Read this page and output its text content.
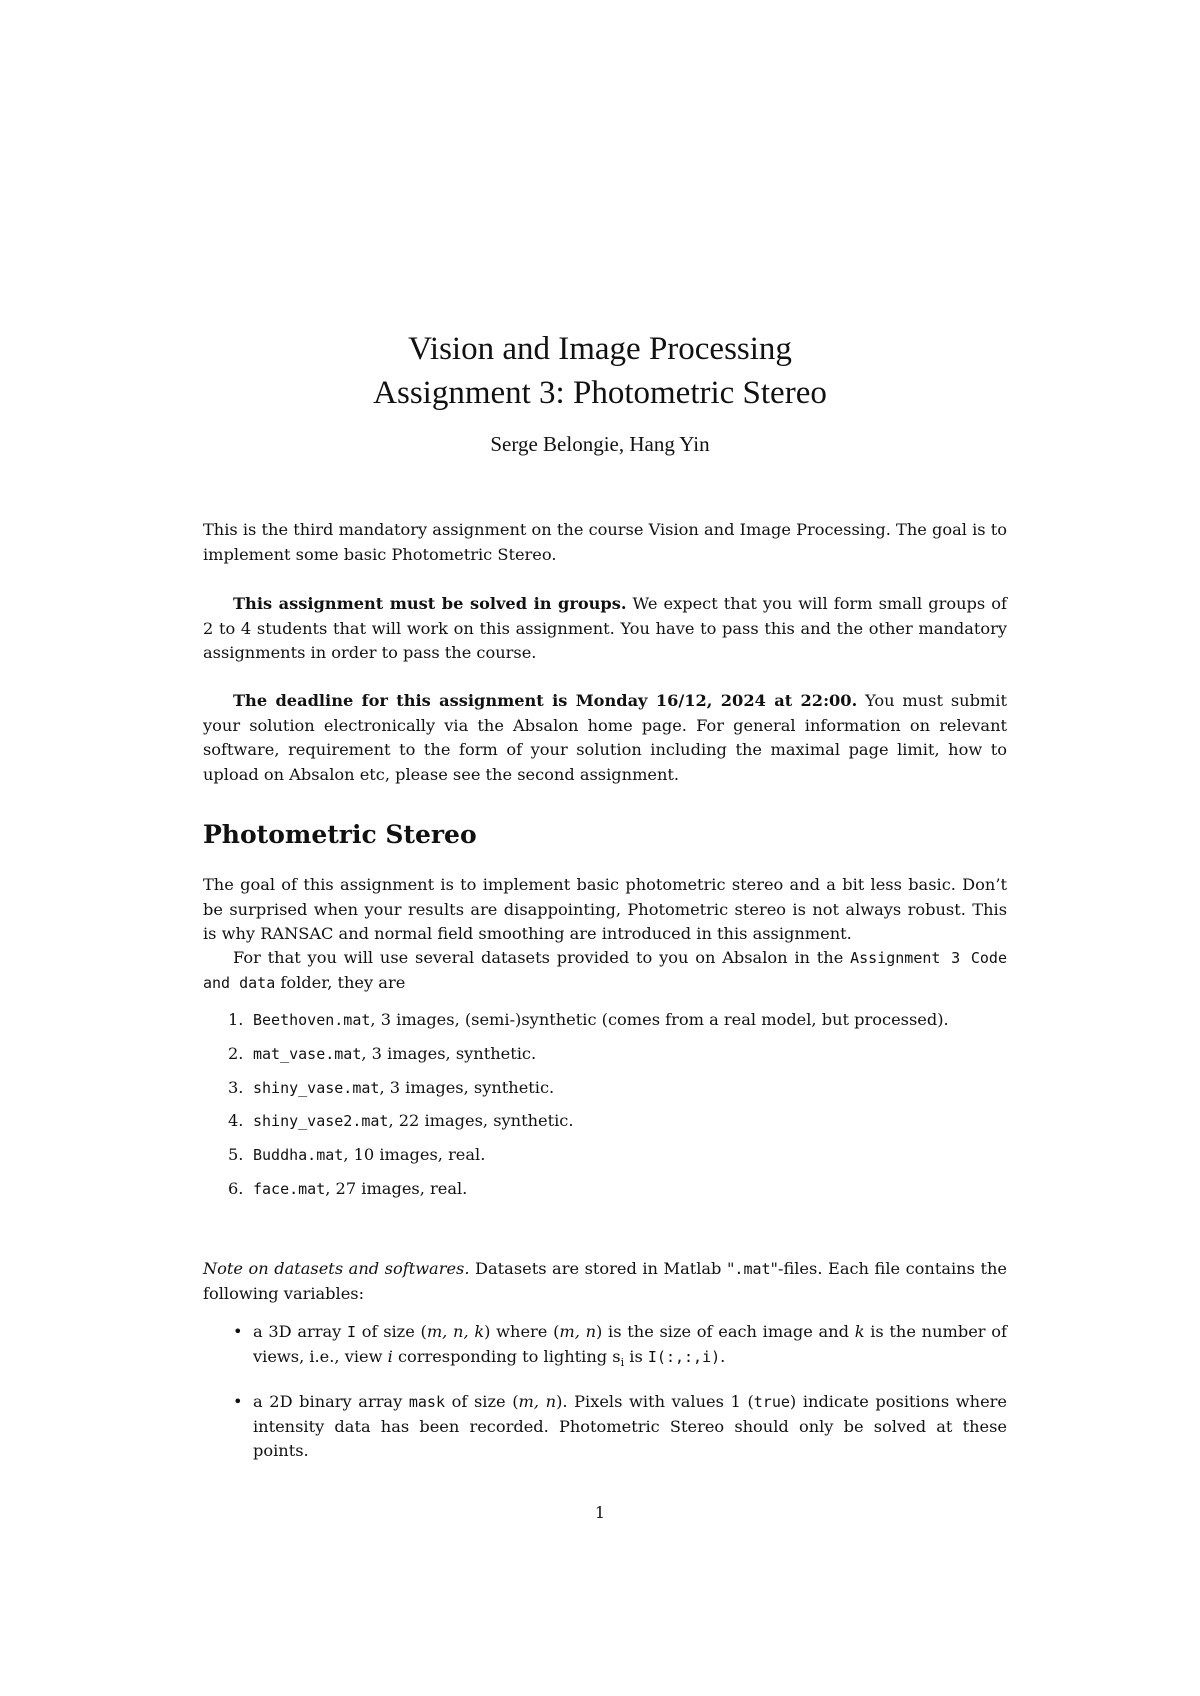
Vision and Image Processing
Assignment 3: Photometric Stereo
Serge Belongie, Hang Yin

This is the third mandatory assignment on the course Vision and Image Processing. The goal is to implement some basic Photometric Stereo.

This assignment must be solved in groups. We expect that you will form small groups of 2 to 4 students that will work on this assignment. You have to pass this and the other mandatory assignments in order to pass the course.

The deadline for this assignment is Monday 16/12, 2024 at 22:00. You must submit your solution electronically via the Absalon home page. For general information on relevant software, requirement to the form of your solution including the maximal page limit, how to upload on Absalon etc, please see the second assignment.

Photometric Stereo

The goal of this assignment is to implement basic photometric stereo and a bit less basic. Don’t be surprised when your results are disappointing, Photometric stereo is not always robust. This is why RANSAC and normal field smoothing are introduced in this assignment.

For that you will use several datasets provided to you on Absalon in the Assignment 3 Code and data folder, they are

1. Beethoven.mat, 3 images, (semi-)synthetic (comes from a real model, but processed).
2. mat_vase.mat, 3 images, synthetic.
3. shiny_vase.mat, 3 images, synthetic.
4. shiny_vase2.mat, 22 images, synthetic.
5. Buddha.mat, 10 images, real.
6. face.mat, 27 images, real.

Note on datasets and softwares. Datasets are stored in Matlab ".mat"-files. Each file contains the following variables:

• a 3D array I of size (m, n, k) where (m, n) is the size of each image and k is the number of views, i.e., view i corresponding to lighting $s_i$ is I(:,:,i).
• a 2D binary array mask of size (m, n). Pixels with values 1 (true) indicate positions where intensity data has been recorded. Photometric Stereo should only be solved at these points.
1
